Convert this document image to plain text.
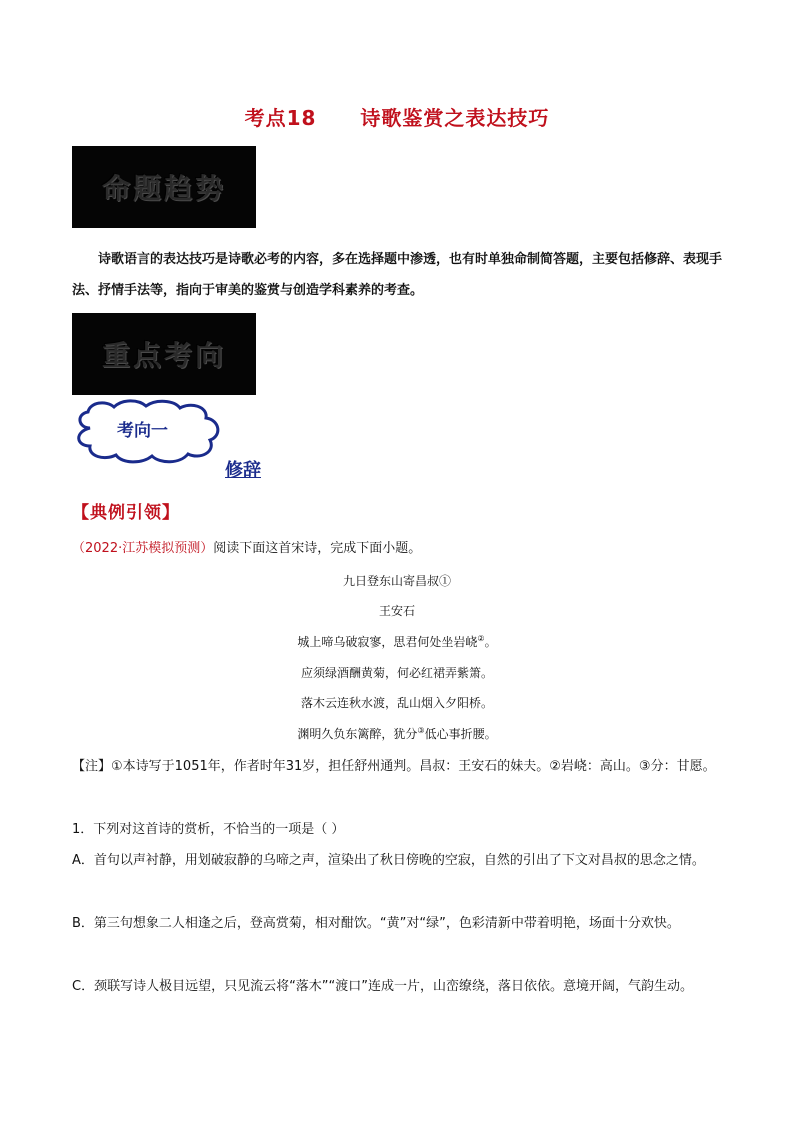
考点18 诗歌鉴赏之表达技巧
命题趋势
诗歌语言的表达技巧是诗歌必考的内容，多在选择题中渗透，也有时单独命制简答题，主要包括修辞、表现手法、抒情手法等，指向于审美的鉴赏与创造学科素养的考查。
重点考向
考向一
修辞
【典例引领】
（2022·江苏模拟预测）阅读下面这首宋诗，完成下面小题。
九日登东山寄昌叔①
王安石
城上啼乌破寂寥，思君何处坐岩峣②。
应须绿酒酬黄菊，何必红裙弄紫箫。
落木云连秋水渡，乱山烟入夕阳桥。
渊明久负东篱醉，犹分③低心事折腰。
【注】①本诗写于1051年，作者时年31岁，担任舒州通判。昌叔：王安石的妹夫。②岩峣：高山。③分：甘愿。
1．下列对这首诗的赏析，不恰当的一项是（ ）
A．首句以声衬静，用划破寂静的乌啼之声，渲染出了秋日傍晚的空寂，自然的引出了下文对昌叔的思念之情。
B．第三句想象二人相逢之后，登高赏菊，相对酣饮。“黄”对“绿”，色彩清新中带着明艳，场面十分欢快。
C．颈联写诗人极目远望，只见流云将“落木”“渡口”连成一片，山峦缭绕，落日依依。意境开阔，气韵生动。
